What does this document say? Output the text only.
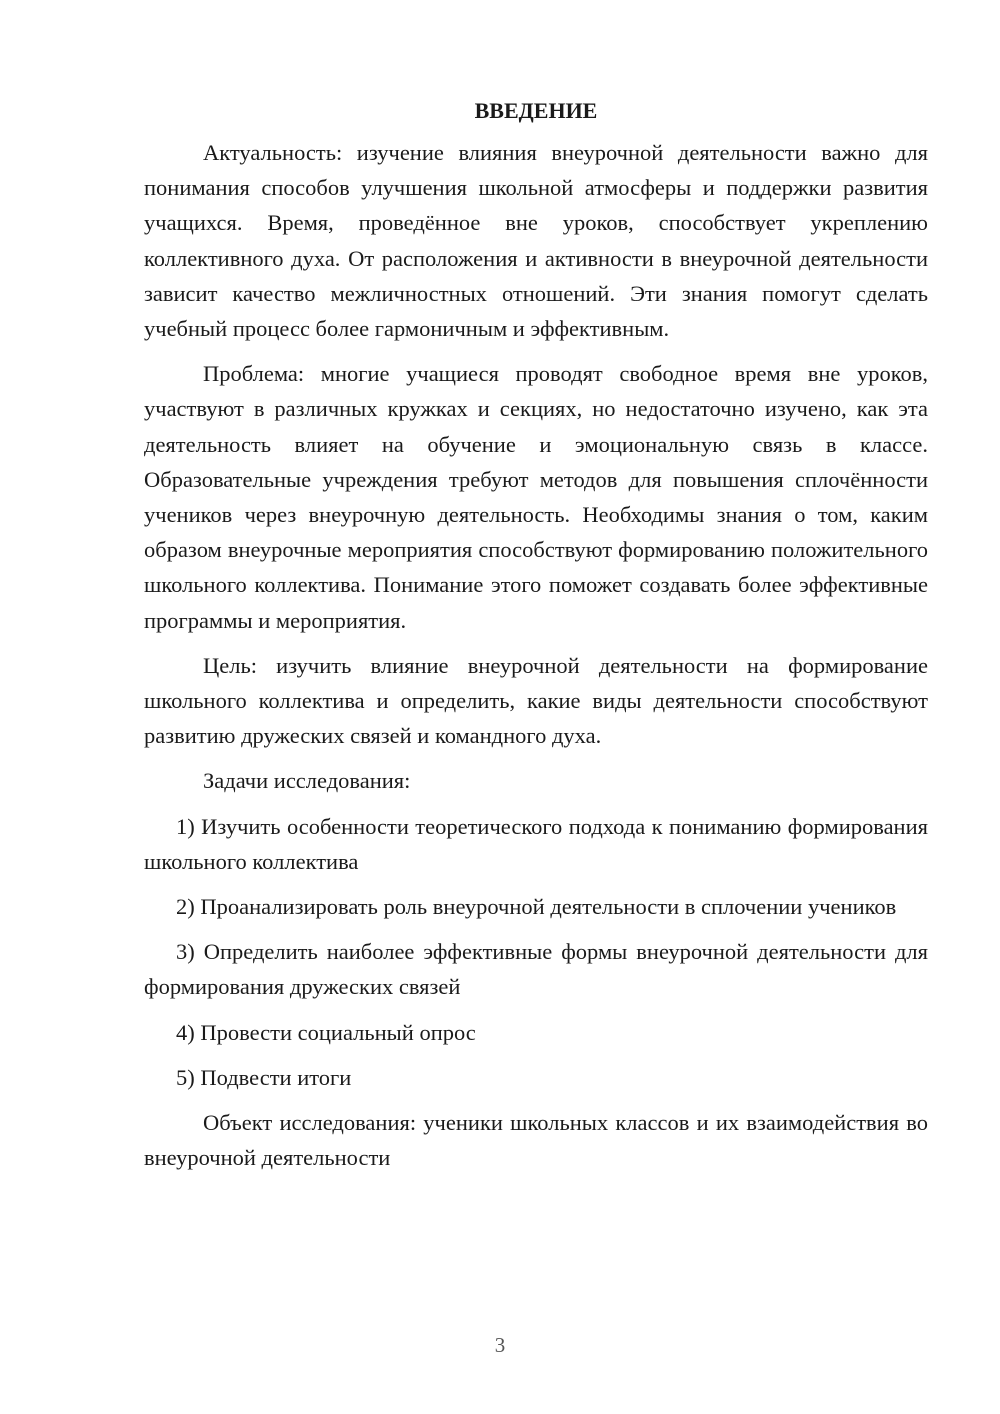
ВВЕДЕНИЕ

Актуальность: изучение влияния внеурочной деятельности важно для понимания способов улучшения школьной атмосферы и поддержки развития учащихся. Время, проведённое вне уроков, способствует укреплению коллективного духа. От расположения и активности в внеурочной деятельности зависит качество межличностных отношений. Эти знания помогут сделать учебный процесс более гармоничным и эффективным.

Проблема: многие учащиеся проводят свободное время вне уроков, участвуют в различных кружках и секциях, но недостаточно изучено, как эта деятельность влияет на обучение и эмоциональную связь в классе. Образовательные учреждения требуют методов для повышения сплочённости учеников через внеурочную деятельность. Необходимы знания о том, каким образом внеурочные мероприятия способствуют формированию положительного школьного коллектива. Понимание этого поможет создавать более эффективные программы и мероприятия.

Цель: изучить влияние внеурочной деятельности на формирование школьного коллектива и определить, какие виды деятельности способствуют развитию дружеских связей и командного духа.

Задачи исследования:

1) Изучить особенности теоретического подхода к пониманию формирования школьного коллектива

2) Проанализировать роль внеурочной деятельности в сплочении учеников

3) Определить наиболее эффективные формы внеурочной деятельности для формирования дружеских связей

4) Провести социальный опрос

5) Подвести итоги

Объект исследования: ученики школьных классов и их взаимодействия во внеурочной деятельности

3
